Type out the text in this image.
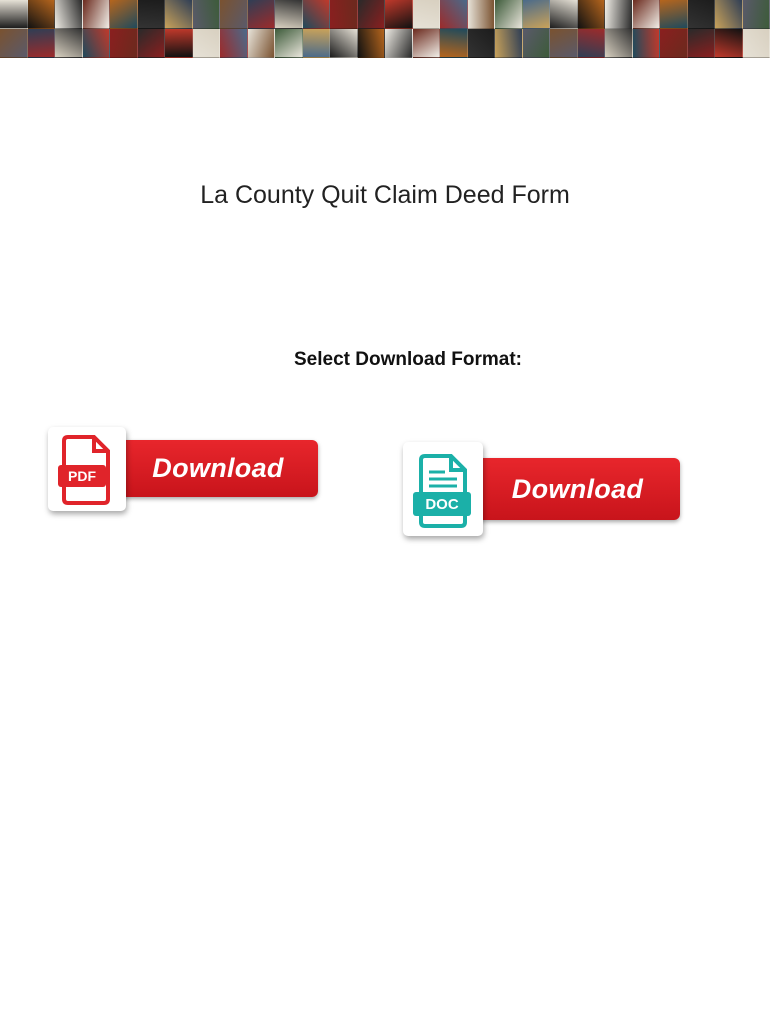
La County Quit Claim Deed Form

Select Download Format:

Download
PDF	Download
DOC
